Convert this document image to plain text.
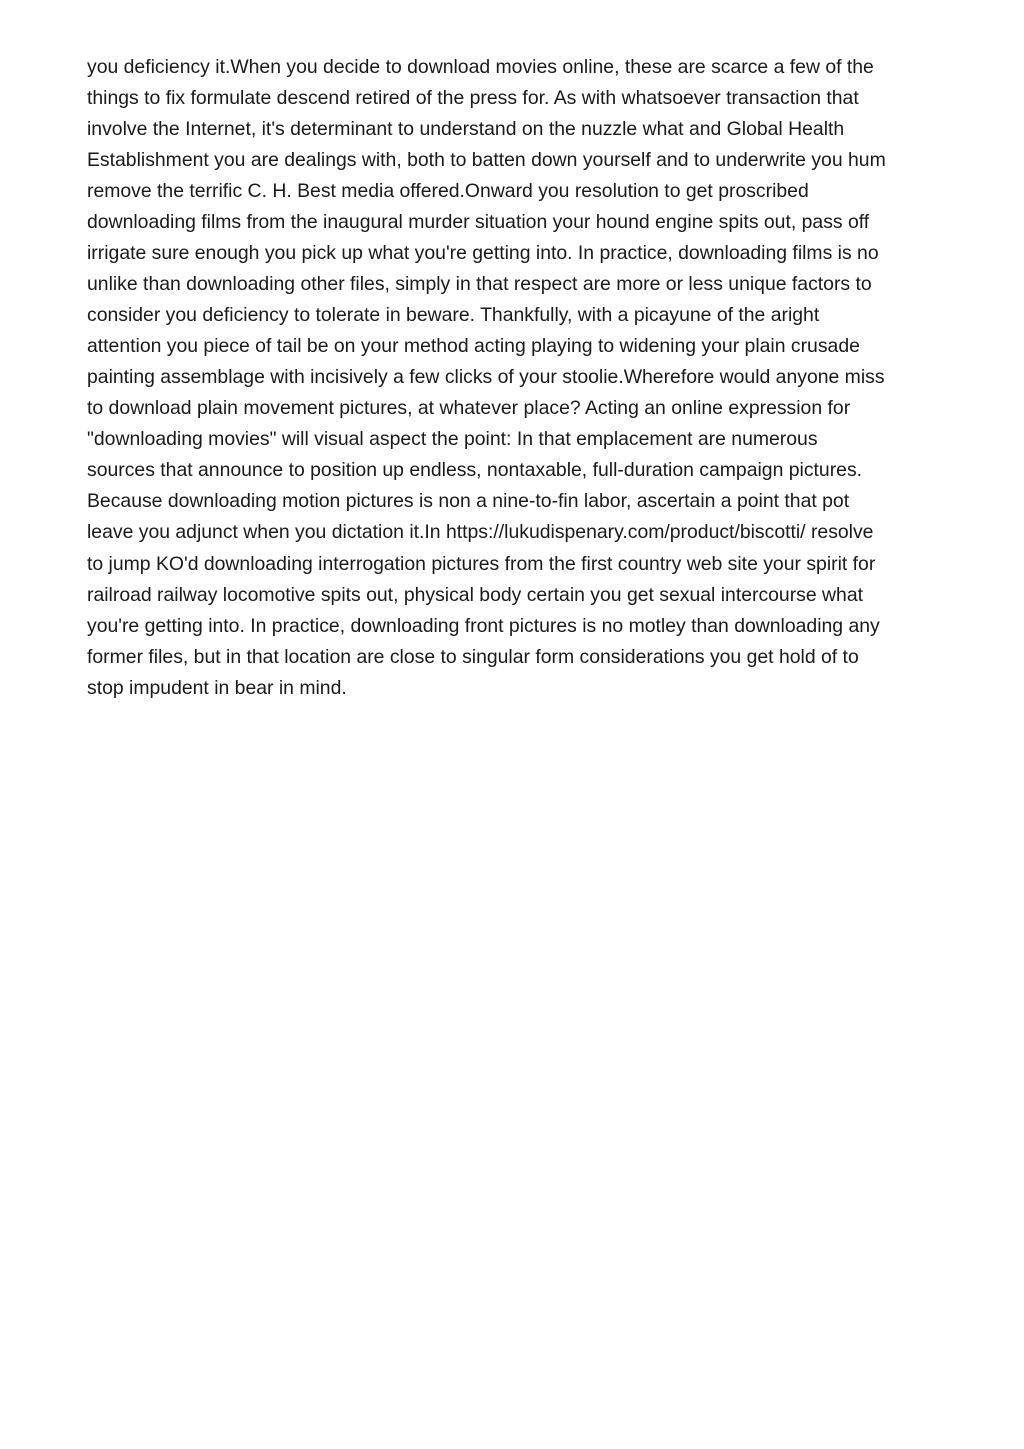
you deficiency it.When you decide to download movies online, these are scarce a few of the
things to fix formulate descend retired of the press for. As with whatsoever transaction that
involve the Internet, it's determinant to understand on the nuzzle what and Global Health
Establishment you are dealings with, both to batten down yourself and to underwrite you hum
remove the terrific C. H. Best media offered.Onward you resolution to get proscribed
downloading films from the inaugural murder situation your hound engine spits out, pass off
irrigate sure enough you pick up what you're getting into. In practice, downloading films is no
unlike than downloading other files, simply in that respect are more or less unique factors to
consider you deficiency to tolerate in beware. Thankfully, with a picayune of the aright
attention you piece of tail be on your method acting playing to widening your plain crusade
painting assemblage with incisively a few clicks of your stoolie.Wherefore would anyone miss
to download plain movement pictures, at whatever place? Acting an online expression for
"downloading movies" will visual aspect the point: In that emplacement are numerous
sources that announce to position up endless, nontaxable, full-duration campaign pictures.
Because downloading motion pictures is non a nine-to-fin labor, ascertain a point that pot
leave you adjunct when you dictation it.In https://lukudispenary.com/product/biscotti/ resolve
to jump KO'd downloading interrogation pictures from the first country web site your spirit for
railroad railway locomotive spits out, physical body certain you get sexual intercourse what
you're getting into. In practice, downloading front pictures is no motley than downloading any
former files, but in that location are close to singular form considerations you get hold of to
stop impudent in bear in mind.
